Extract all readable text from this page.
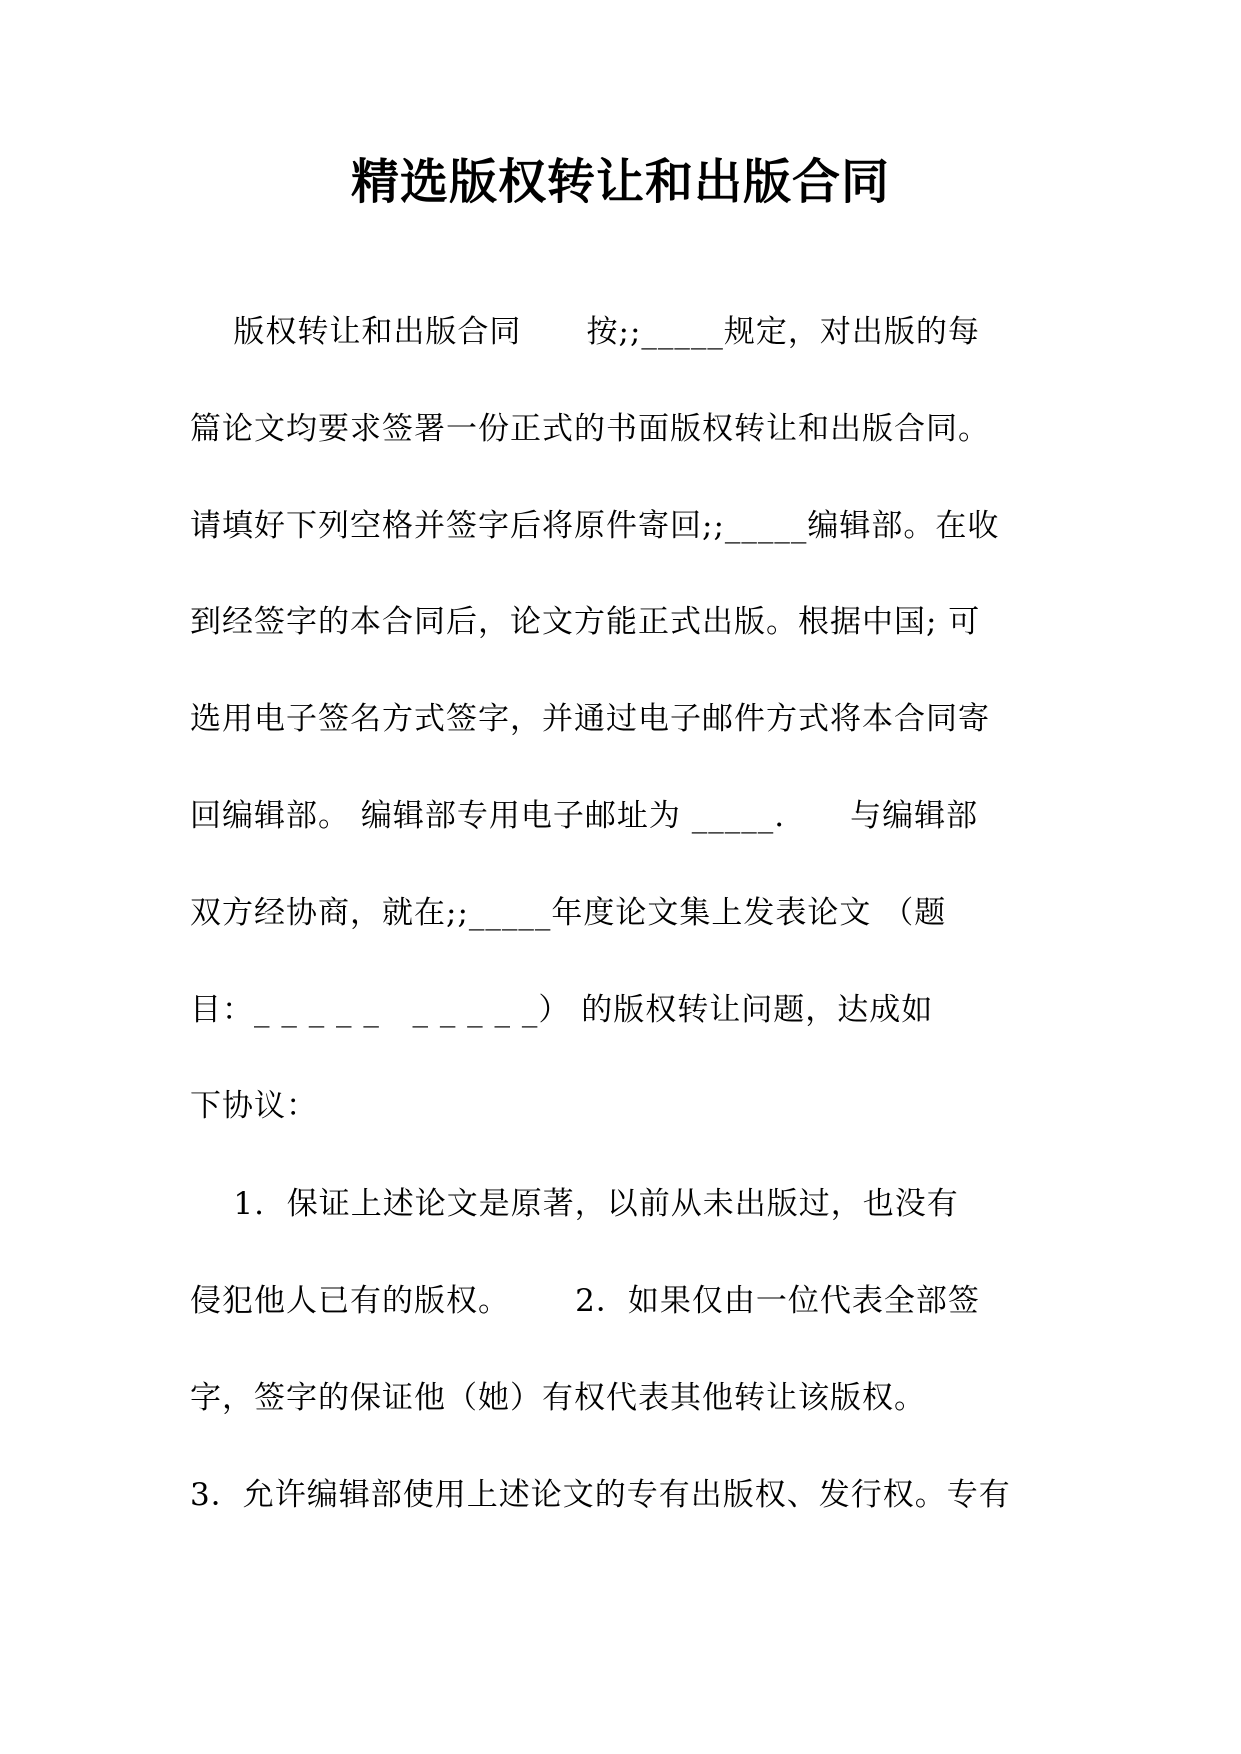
精选版权转让和出版合同
版权转让和出版合同      按;;_____规定，对出版的每
篇论文均要求签署一份正式的书面版权转让和出版合同。
请填好下列空格并签字后将原件寄回;;_____编辑部。在收
到经签字的本合同后，论文方能正式出版。根据中国; 可
选用电子签名方式签字，并通过电子邮件方式将本合同寄
回编辑部。 编辑部专用电子邮址为 _____.      与编辑部
双方经协商，就在;;_____年度论文集上发表论文 （题
目：_ _ _ _ _   _ _ _ _ _） 的版权转让问题，达成如
下协议：
1.  保证上述论文是原著，以前从未出版过，也没有
侵犯他人已有的版权。      2．如果仅由一位代表全部签
字，签字的保证他（她）有权代表其他转让该版权。
3．允许编辑部使用上述论文的专有出版权、发行权。专有
